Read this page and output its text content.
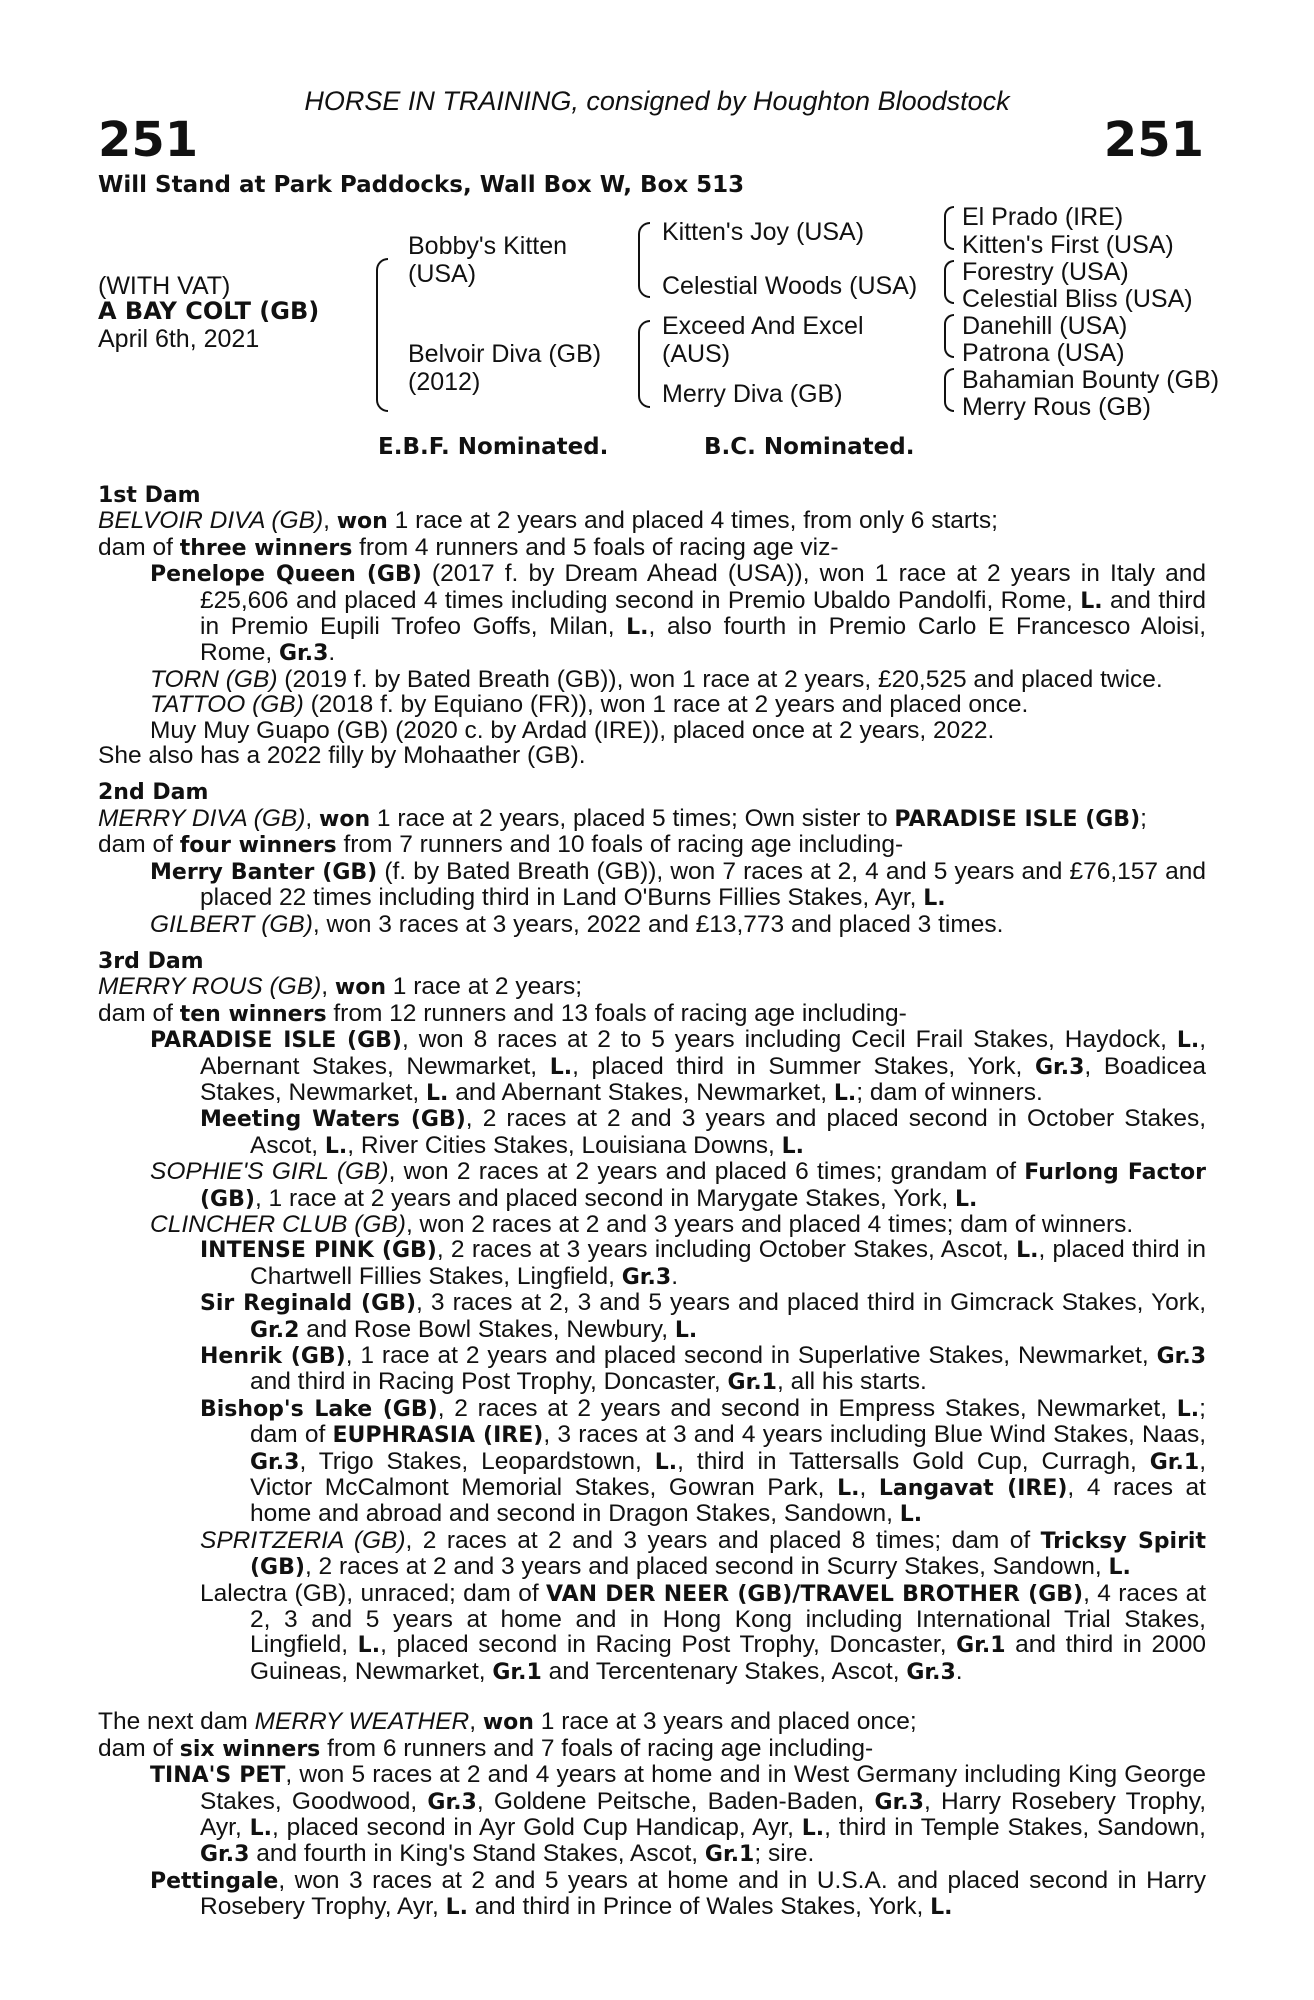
HORSE IN TRAINING, consigned by Houghton Bloodstock
251	251
Will Stand at Park Paddocks, Wall Box W, Box 513
(WITH VAT)
A BAY COLT (GB)
April 6th, 2021
Bobby's Kitten
(USA)
Belvoir Diva (GB)
(2012)
Kitten's Joy (USA)
Celestial Woods (USA)
Exceed And Excel
(AUS)
Merry Diva (GB)
El Prado (IRE)
Kitten's First (USA)
Forestry (USA)
Celestial Bliss (USA)
Danehill (USA)
Patrona (USA)
Bahamian Bounty (GB)
Merry Rous (GB)
E.B.F. Nominated.	B.C. Nominated.
1st Dam

BELVOIR DIVA (GB), won 1 race at 2 years and placed 4 times, from only 6 starts;

dam of three winners from 4 runners and 5 foals of racing age viz-

Penelope Queen (GB) (2017 f. by Dream Ahead (USA)), won 1 race at 2 years in Italy and £25,606 and placed 4 times including second in Premio Ubaldo Pandolfi, Rome, L. and third in Premio Eupili Trofeo Goffs, Milan, L., also fourth in Premio Carlo E Francesco Aloisi, Rome, Gr.3.

TORN (GB) (2019 f. by Bated Breath (GB)), won 1 race at 2 years, £20,525 and placed twice.

TATTOO (GB) (2018 f. by Equiano (FR)), won 1 race at 2 years and placed once.

Muy Muy Guapo (GB) (2020 c. by Ardad (IRE)), placed once at 2 years, 2022.

She also has a 2022 filly by Mohaather (GB).

2nd Dam

MERRY DIVA (GB), won 1 race at 2 years, placed 5 times; Own sister to PARADISE ISLE (GB);

dam of four winners from 7 runners and 10 foals of racing age including-

Merry Banter (GB) (f. by Bated Breath (GB)), won 7 races at 2, 4 and 5 years and £76,157 and placed 22 times including third in Land O'Burns Fillies Stakes, Ayr, L.

GILBERT (GB), won 3 races at 3 years, 2022 and £13,773 and placed 3 times.

3rd Dam

MERRY ROUS (GB), won 1 race at 2 years;

dam of ten winners from 12 runners and 13 foals of racing age including-

PARADISE ISLE (GB), won 8 races at 2 to 5 years including Cecil Frail Stakes, Haydock, L., Abernant Stakes, Newmarket, L., placed third in Summer Stakes, York, Gr.3, Boadicea Stakes, Newmarket, L. and Abernant Stakes, Newmarket, L.; dam of winners.

Meeting Waters (GB), 2 races at 2 and 3 years and placed second in October Stakes, Ascot, L., River Cities Stakes, Louisiana Downs, L.

SOPHIE'S GIRL (GB), won 2 races at 2 years and placed 6 times; grandam of Furlong Factor (GB), 1 race at 2 years and placed second in Marygate Stakes, York, L.

CLINCHER CLUB (GB), won 2 races at 2 and 3 years and placed 4 times; dam of winners.

INTENSE PINK (GB), 2 races at 3 years including October Stakes, Ascot, L., placed third in Chartwell Fillies Stakes, Lingfield, Gr.3.

Sir Reginald (GB), 3 races at 2, 3 and 5 years and placed third in Gimcrack Stakes, York, Gr.2 and Rose Bowl Stakes, Newbury, L.

Henrik (GB), 1 race at 2 years and placed second in Superlative Stakes, Newmarket, Gr.3 and third in Racing Post Trophy, Doncaster, Gr.1, all his starts.

Bishop's Lake (GB), 2 races at 2 years and second in Empress Stakes, Newmarket, L.; dam of EUPHRASIA (IRE), 3 races at 3 and 4 years including Blue Wind Stakes, Naas, Gr.3, Trigo Stakes, Leopardstown, L., third in Tattersalls Gold Cup, Curragh, Gr.1, Victor McCalmont Memorial Stakes, Gowran Park, L., Langavat (IRE), 4 races at home and abroad and second in Dragon Stakes, Sandown, L.

SPRITZERIA (GB), 2 races at 2 and 3 years and placed 8 times; dam of Tricksy Spirit (GB), 2 races at 2 and 3 years and placed second in Scurry Stakes, Sandown, L.

Lalectra (GB), unraced; dam of VAN DER NEER (GB)/TRAVEL BROTHER (GB), 4 races at 2, 3 and 5 years at home and in Hong Kong including International Trial Stakes, Lingfield, L., placed second in Racing Post Trophy, Doncaster, Gr.1 and third in 2000 Guineas, Newmarket, Gr.1 and Tercentenary Stakes, Ascot, Gr.3.

The next dam MERRY WEATHER, won 1 race at 3 years and placed once;

dam of six winners from 6 runners and 7 foals of racing age including-

TINA'S PET, won 5 races at 2 and 4 years at home and in West Germany including King George Stakes, Goodwood, Gr.3, Goldene Peitsche, Baden-Baden, Gr.3, Harry Rosebery Trophy, Ayr, L., placed second in Ayr Gold Cup Handicap, Ayr, L., third in Temple Stakes, Sandown, Gr.3 and fourth in King's Stand Stakes, Ascot, Gr.1; sire.

Pettingale, won 3 races at 2 and 5 years at home and in U.S.A. and placed second in Harry Rosebery Trophy, Ayr, L. and third in Prince of Wales Stakes, York, L.
